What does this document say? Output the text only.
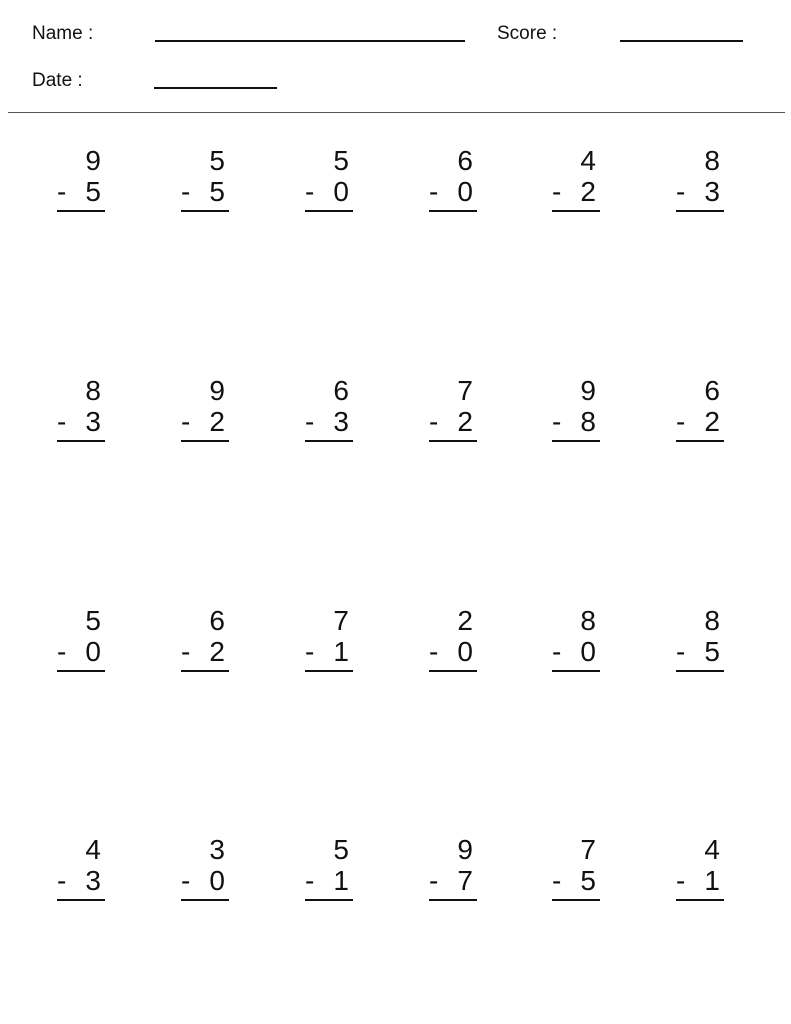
Name :	Score :
Date :
9
- 5
5
- 5
5
- 0
6
- 0
4
- 2
8
- 3
8
- 3
9
- 2
6
- 3
7
- 2
9
- 8
6
- 2
5
- 0
6
- 2
7
- 1
2
- 0
8
- 0
8
- 5
4
- 3
3
- 0
5
- 1
9
- 7
7
- 5
4
- 1
